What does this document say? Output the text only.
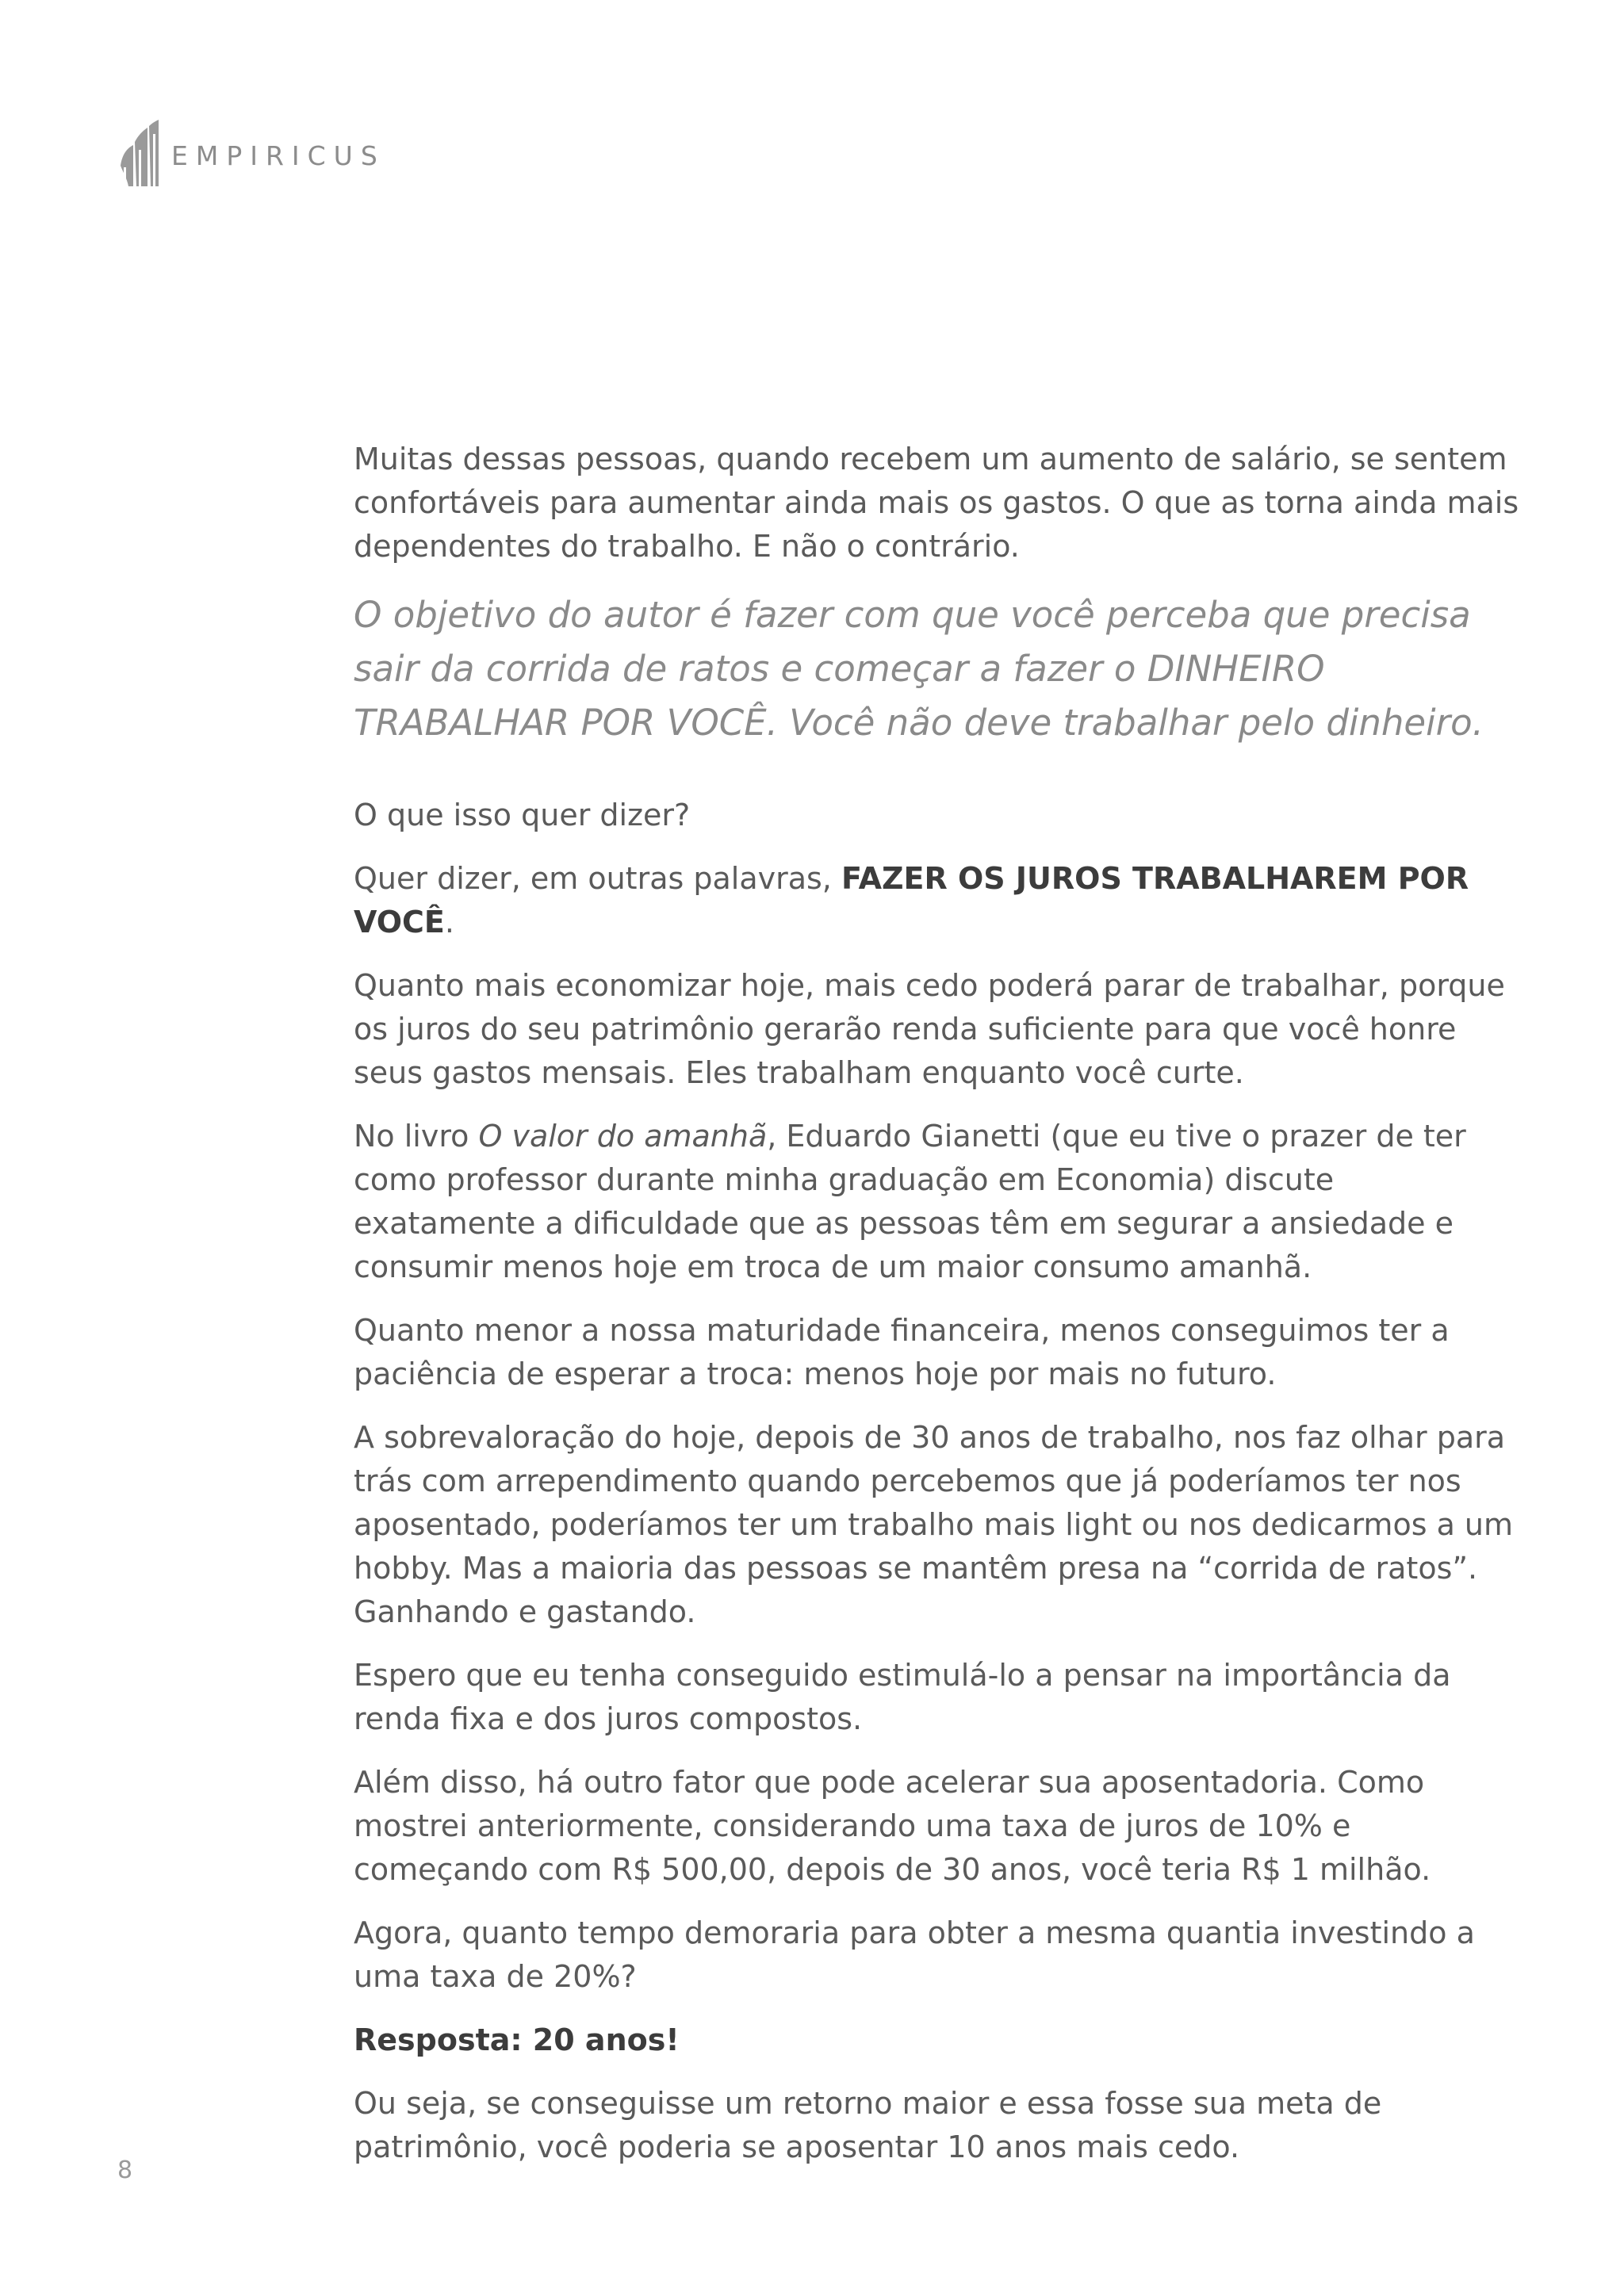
EMPIRICUS

Muitas dessas pessoas, quando recebem um aumento de salário, se sentem confortáveis para aumentar ainda mais os gastos. O que as torna ainda mais dependentes do trabalho. E não o contrário.

O objetivo do autor é fazer com que você perceba que precisa sair da corrida de ratos e começar a fazer o DINHEIRO TRABALHAR POR VOCÊ. Você não deve trabalhar pelo dinheiro.

O que isso quer dizer?

Quer dizer, em outras palavras, FAZER OS JUROS TRABALHAREM POR VOCÊ.

Quanto mais economizar hoje, mais cedo poderá parar de trabalhar, porque os juros do seu patrimônio gerarão renda suficiente para que você honre seus gastos mensais. Eles trabalham enquanto você curte.

No livro O valor do amanhã, Eduardo Gianetti (que eu tive o prazer de ter como professor durante minha graduação em Economia) discute exatamente a dificuldade que as pessoas têm em segurar a ansiedade e consumir menos hoje em troca de um maior consumo amanhã.

Quanto menor a nossa maturidade financeira, menos conseguimos ter a paciência de esperar a troca: menos hoje por mais no futuro.

A sobrevaloração do hoje, depois de 30 anos de trabalho, nos faz olhar para trás com arrependimento quando percebemos que já poderíamos ter nos aposentado, poderíamos ter um trabalho mais light ou nos dedicarmos a um hobby. Mas a maioria das pessoas se mantêm presa na “corrida de ratos”. Ganhando e gastando.

Espero que eu tenha conseguido estimulá-lo a pensar na importância da renda fixa e dos juros compostos.

Além disso, há outro fator que pode acelerar sua aposentadoria. Como mostrei anteriormente, considerando uma taxa de juros de 10% e começando com R$ 500,00, depois de 30 anos, você teria R$ 1 milhão.

Agora, quanto tempo demoraria para obter a mesma quantia investindo a uma taxa de 20%?

Resposta: 20 anos!

Ou seja, se conseguisse um retorno maior e essa fosse sua meta de patrimônio, você poderia se aposentar 10 anos mais cedo.

8
